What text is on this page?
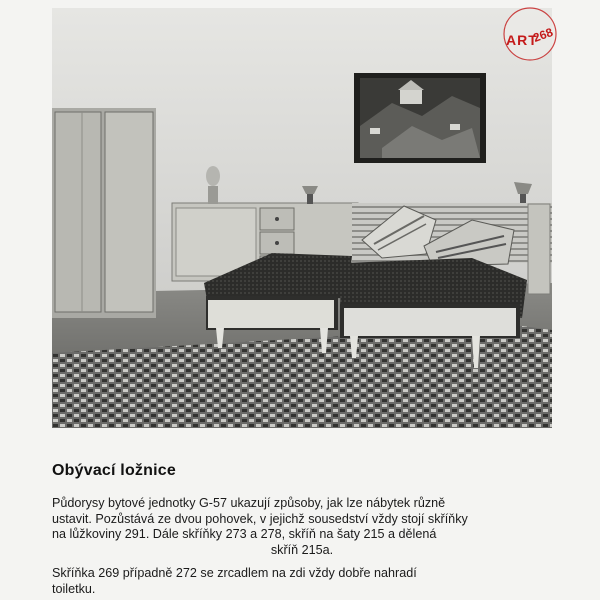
ART
268
Obývací ložnice

Půdorysy bytové jednotky G-57 ukazují způsoby, jak lze nábytek různě
ustavit. Pozůstává ze dvou pohovek, v jejichž sousedství vždy stojí skříňky
na lůžkoviny 291. Dále skříňky 273 a 278, skříň na šaty 215 a dělená
skříň 215a.

Skříňka 269 případně 272 se zrcadlem na zdi vždy dobře nahradí
toiletku.
